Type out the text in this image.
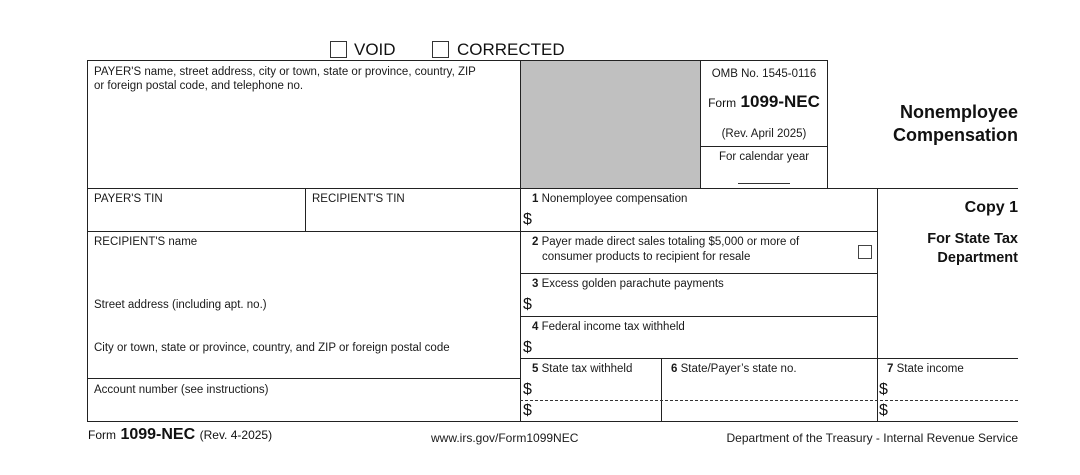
VOID	CORRECTED
PAYER'S name, street address, city or town, state or province, country, ZIP
or foreign postal code, and telephone no.
OMB No. 1545-0116
Form 1099-NEC
(Rev. April 2025)
For calendar year
Nonemployee
Compensation
PAYER'S TIN	RECIPIENT'S TIN
RECIPIENT'S name
Street address (including apt. no.)
City or town, state or province, country, and ZIP or foreign postal code
Account number (see instructions)
1 Nonemployee compensation
$
2 Payer made direct sales totaling $5,000 or more of
consumer products to recipient for resale
3 Excess golden parachute payments
$
4 Federal income tax withheld
$
5 State tax withheld
$
$
6 State/Payer’s state no.	7 State income
$
$
Copy 1
For State Tax
Department
Form 1099-NEC (Rev. 4-2025)	www.irs.gov/Form1099NEC	Department of the Treasury - Internal Revenue Service
